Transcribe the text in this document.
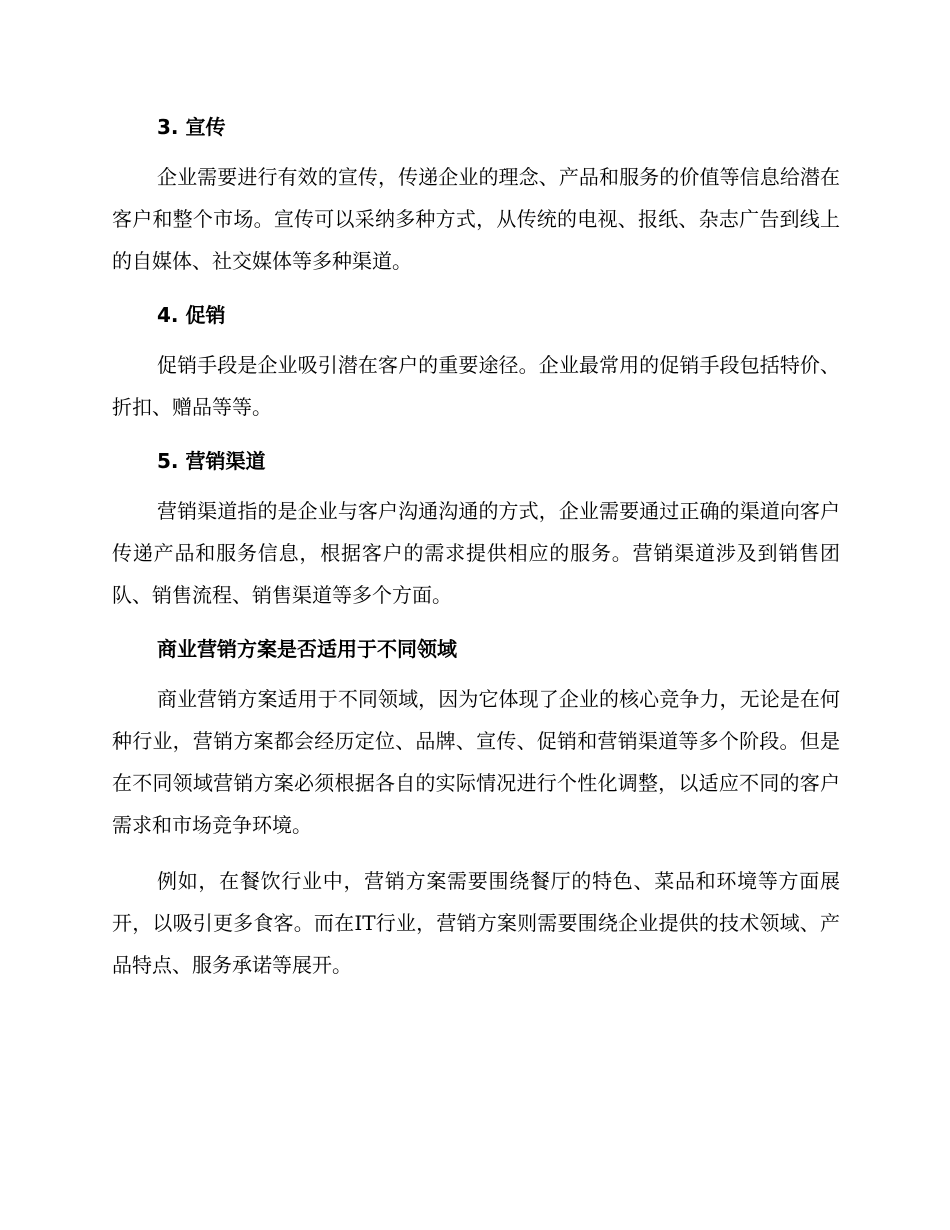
3. 宣传

企业需要进行有效的宣传，传递企业的理念、产品和服务的价值等信息给潜在客户和整个市场。宣传可以采纳多种方式，从传统的电视、报纸、杂志广告到线上的自媒体、社交媒体等多种渠道。

4. 促销

促销手段是企业吸引潜在客户的重要途径。企业最常用的促销手段包括特价、折扣、赠品等等。

5. 营销渠道

营销渠道指的是企业与客户沟通沟通的方式，企业需要通过正确的渠道向客户传递产品和服务信息，根据客户的需求提供相应的服务。营销渠道涉及到销售团队、销售流程、销售渠道等多个方面。

商业营销方案是否适用于不同领域

商业营销方案适用于不同领域，因为它体现了企业的核心竞争力，无论是在何种行业，营销方案都会经历定位、品牌、宣传、促销和营销渠道等多个阶段。但是在不同领域营销方案必须根据各自的实际情况进行个性化调整，以适应不同的客户需求和市场竞争环境。

例如，在餐饮行业中，营销方案需要围绕餐厅的特色、菜品和环境等方面展开，以吸引更多食客。而在IT行业，营销方案则需要围绕企业提供的技术领域、产品特点、服务承诺等展开。
